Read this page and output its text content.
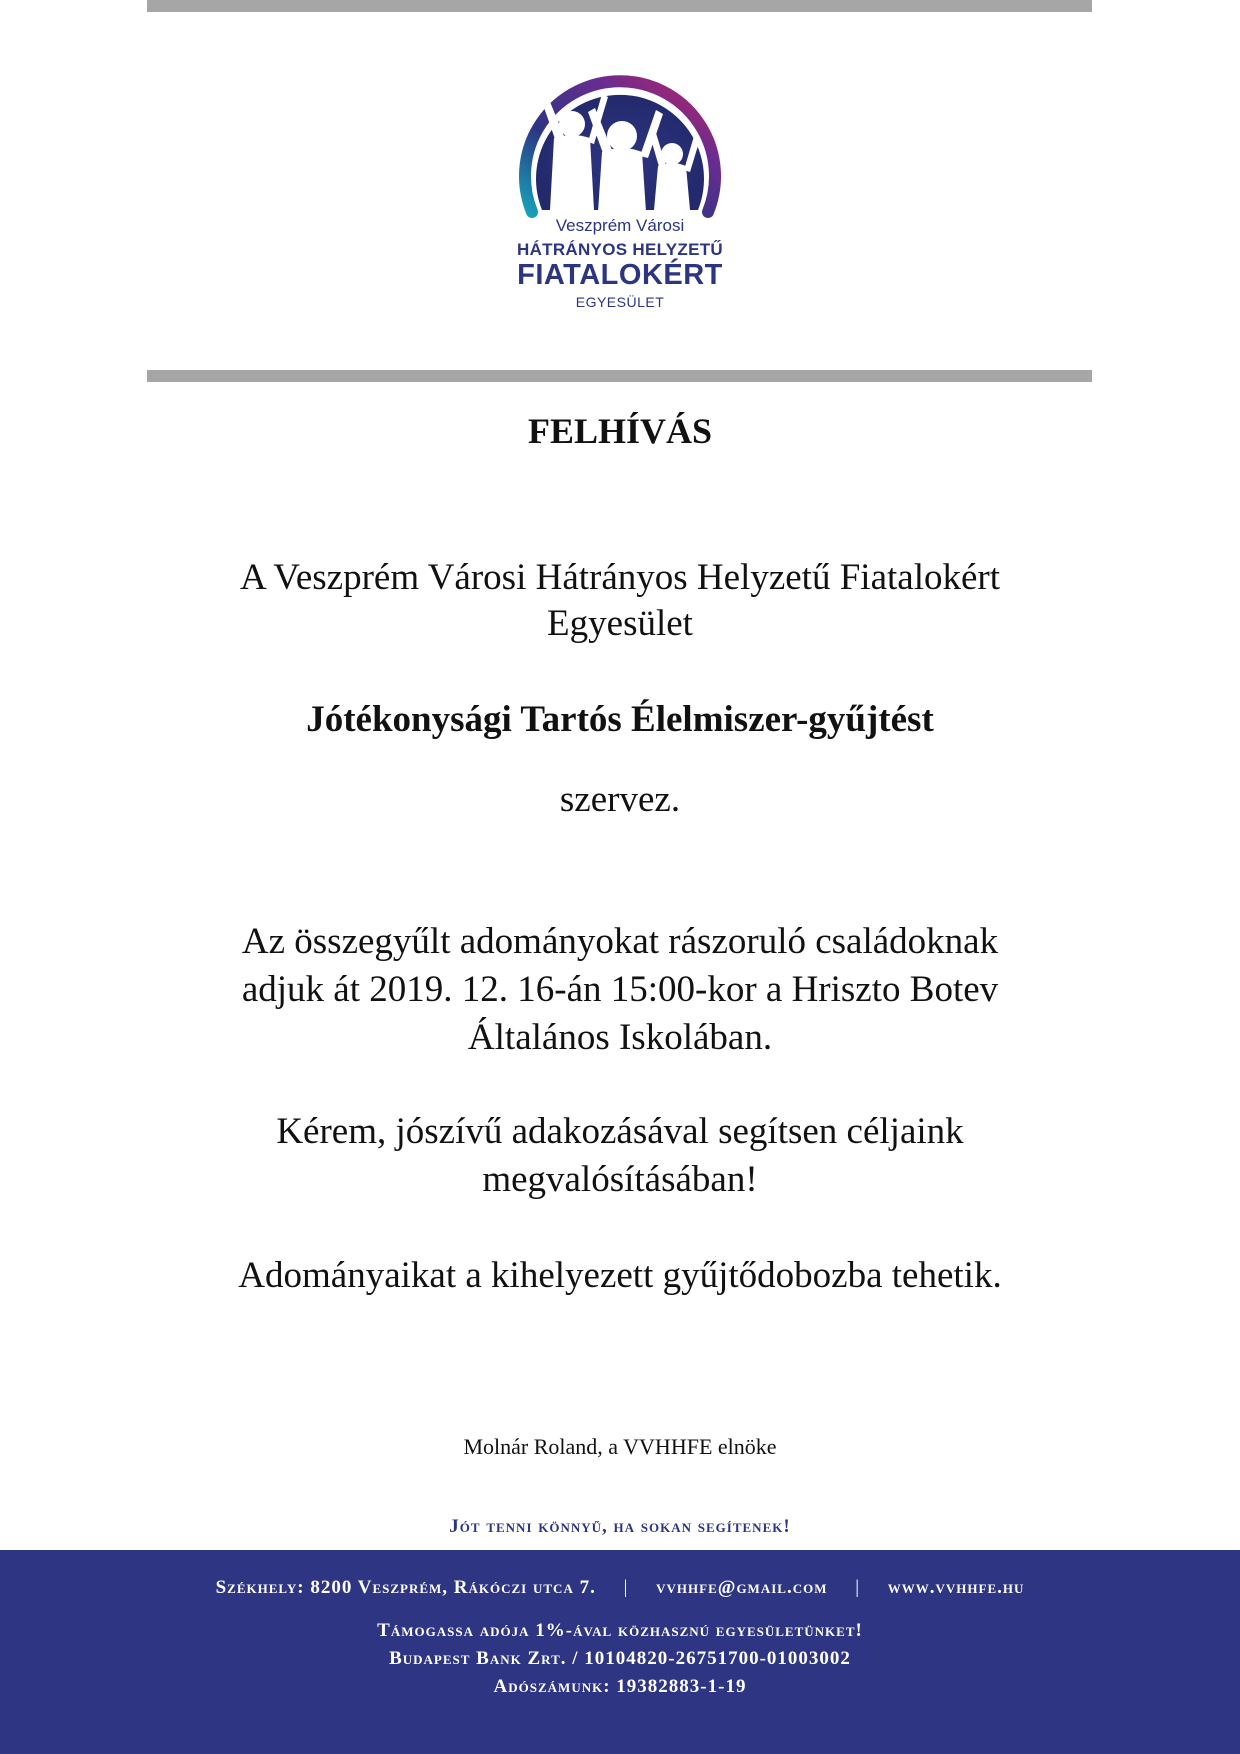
Veszprém Városi
HÁTRÁNYOS HELYZETŰ
FIATALOKÉRT
EGYESÜLET
FELHÍVÁS
A Veszprém Városi Hátrányos Helyzetű Fiatalokért
Egyesület
Jótékonysági Tartós Élelmiszer-gyűjtést
szervez.
Az összegyűlt adományokat rászoruló családoknak
adjuk át 2019. 12. 16-án 15:00-kor a Hriszto Botev
Általános Iskolában.
Kérem, jószívű adakozásával segítsen céljaink
megvalósításában!
Adományaikat a kihelyezett gyűjtődobozba tehetik.
Molnár Roland, a VVHHFE elnöke
Jót tenni könnyű, ha sokan segítenek!
Székhely: 8200 Veszprém, Rákóczi utca 7. | vvhhfe@gmail.com | www.vvhhfe.hu
Támogassa adója 1%-ával közhasznú egyesületünket!
Budapest Bank Zrt. / 10104820-26751700-01003002
Adószámunk: 19382883-1-19
